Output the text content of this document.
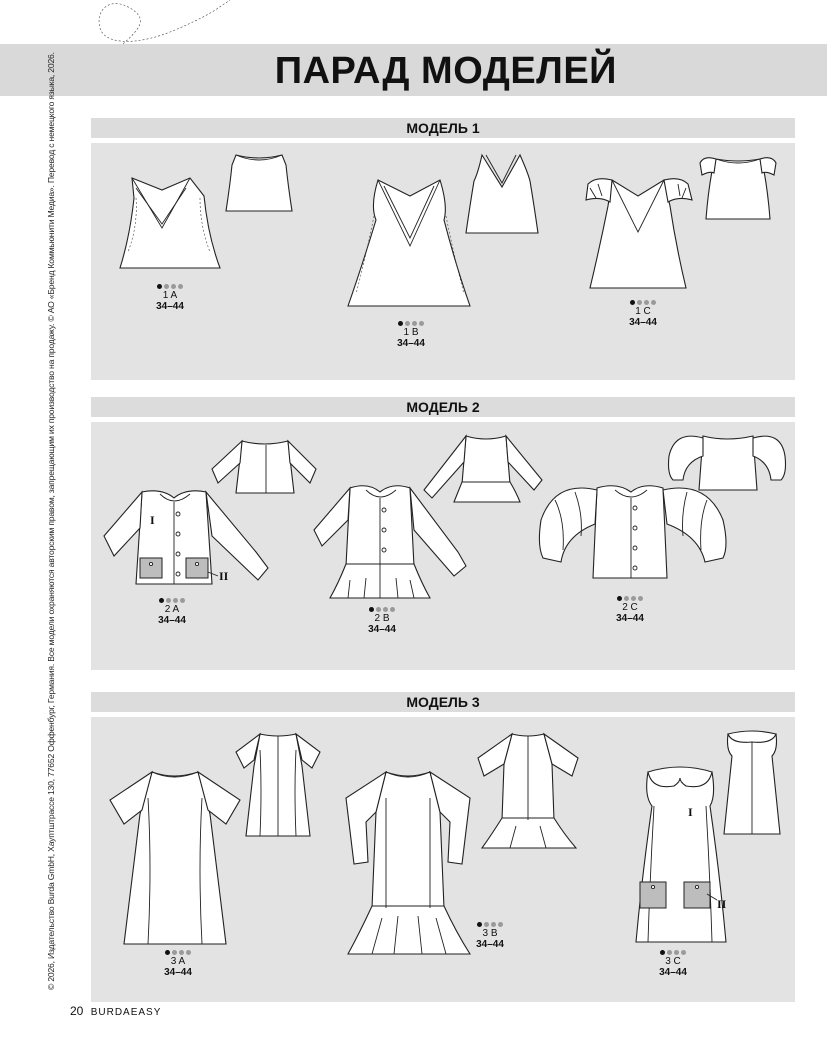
ПАРАД МОДЕЛЕЙ
МОДЕЛЬ 1
1 A
34–44
1 B
34–44
1 C
34–44
МОДЕЛЬ 2
I
II
2 A
34–44	2 B
34–44
2 C
34–44
МОДЕЛЬ 3
3 A
34–44
3 B
34–44
I
II
3 C
34–44
© 2026, Издательство Burda GmbH, Хауптштрассе 130, 77652 Оффенбург, Германия. Все модели охраняются авторским правом, запрещающим их производство на продажу. © АО «Бренд Коммьюнити Медиа». Перевод с немецкого языка, 2026.
20 BURDAEASY
